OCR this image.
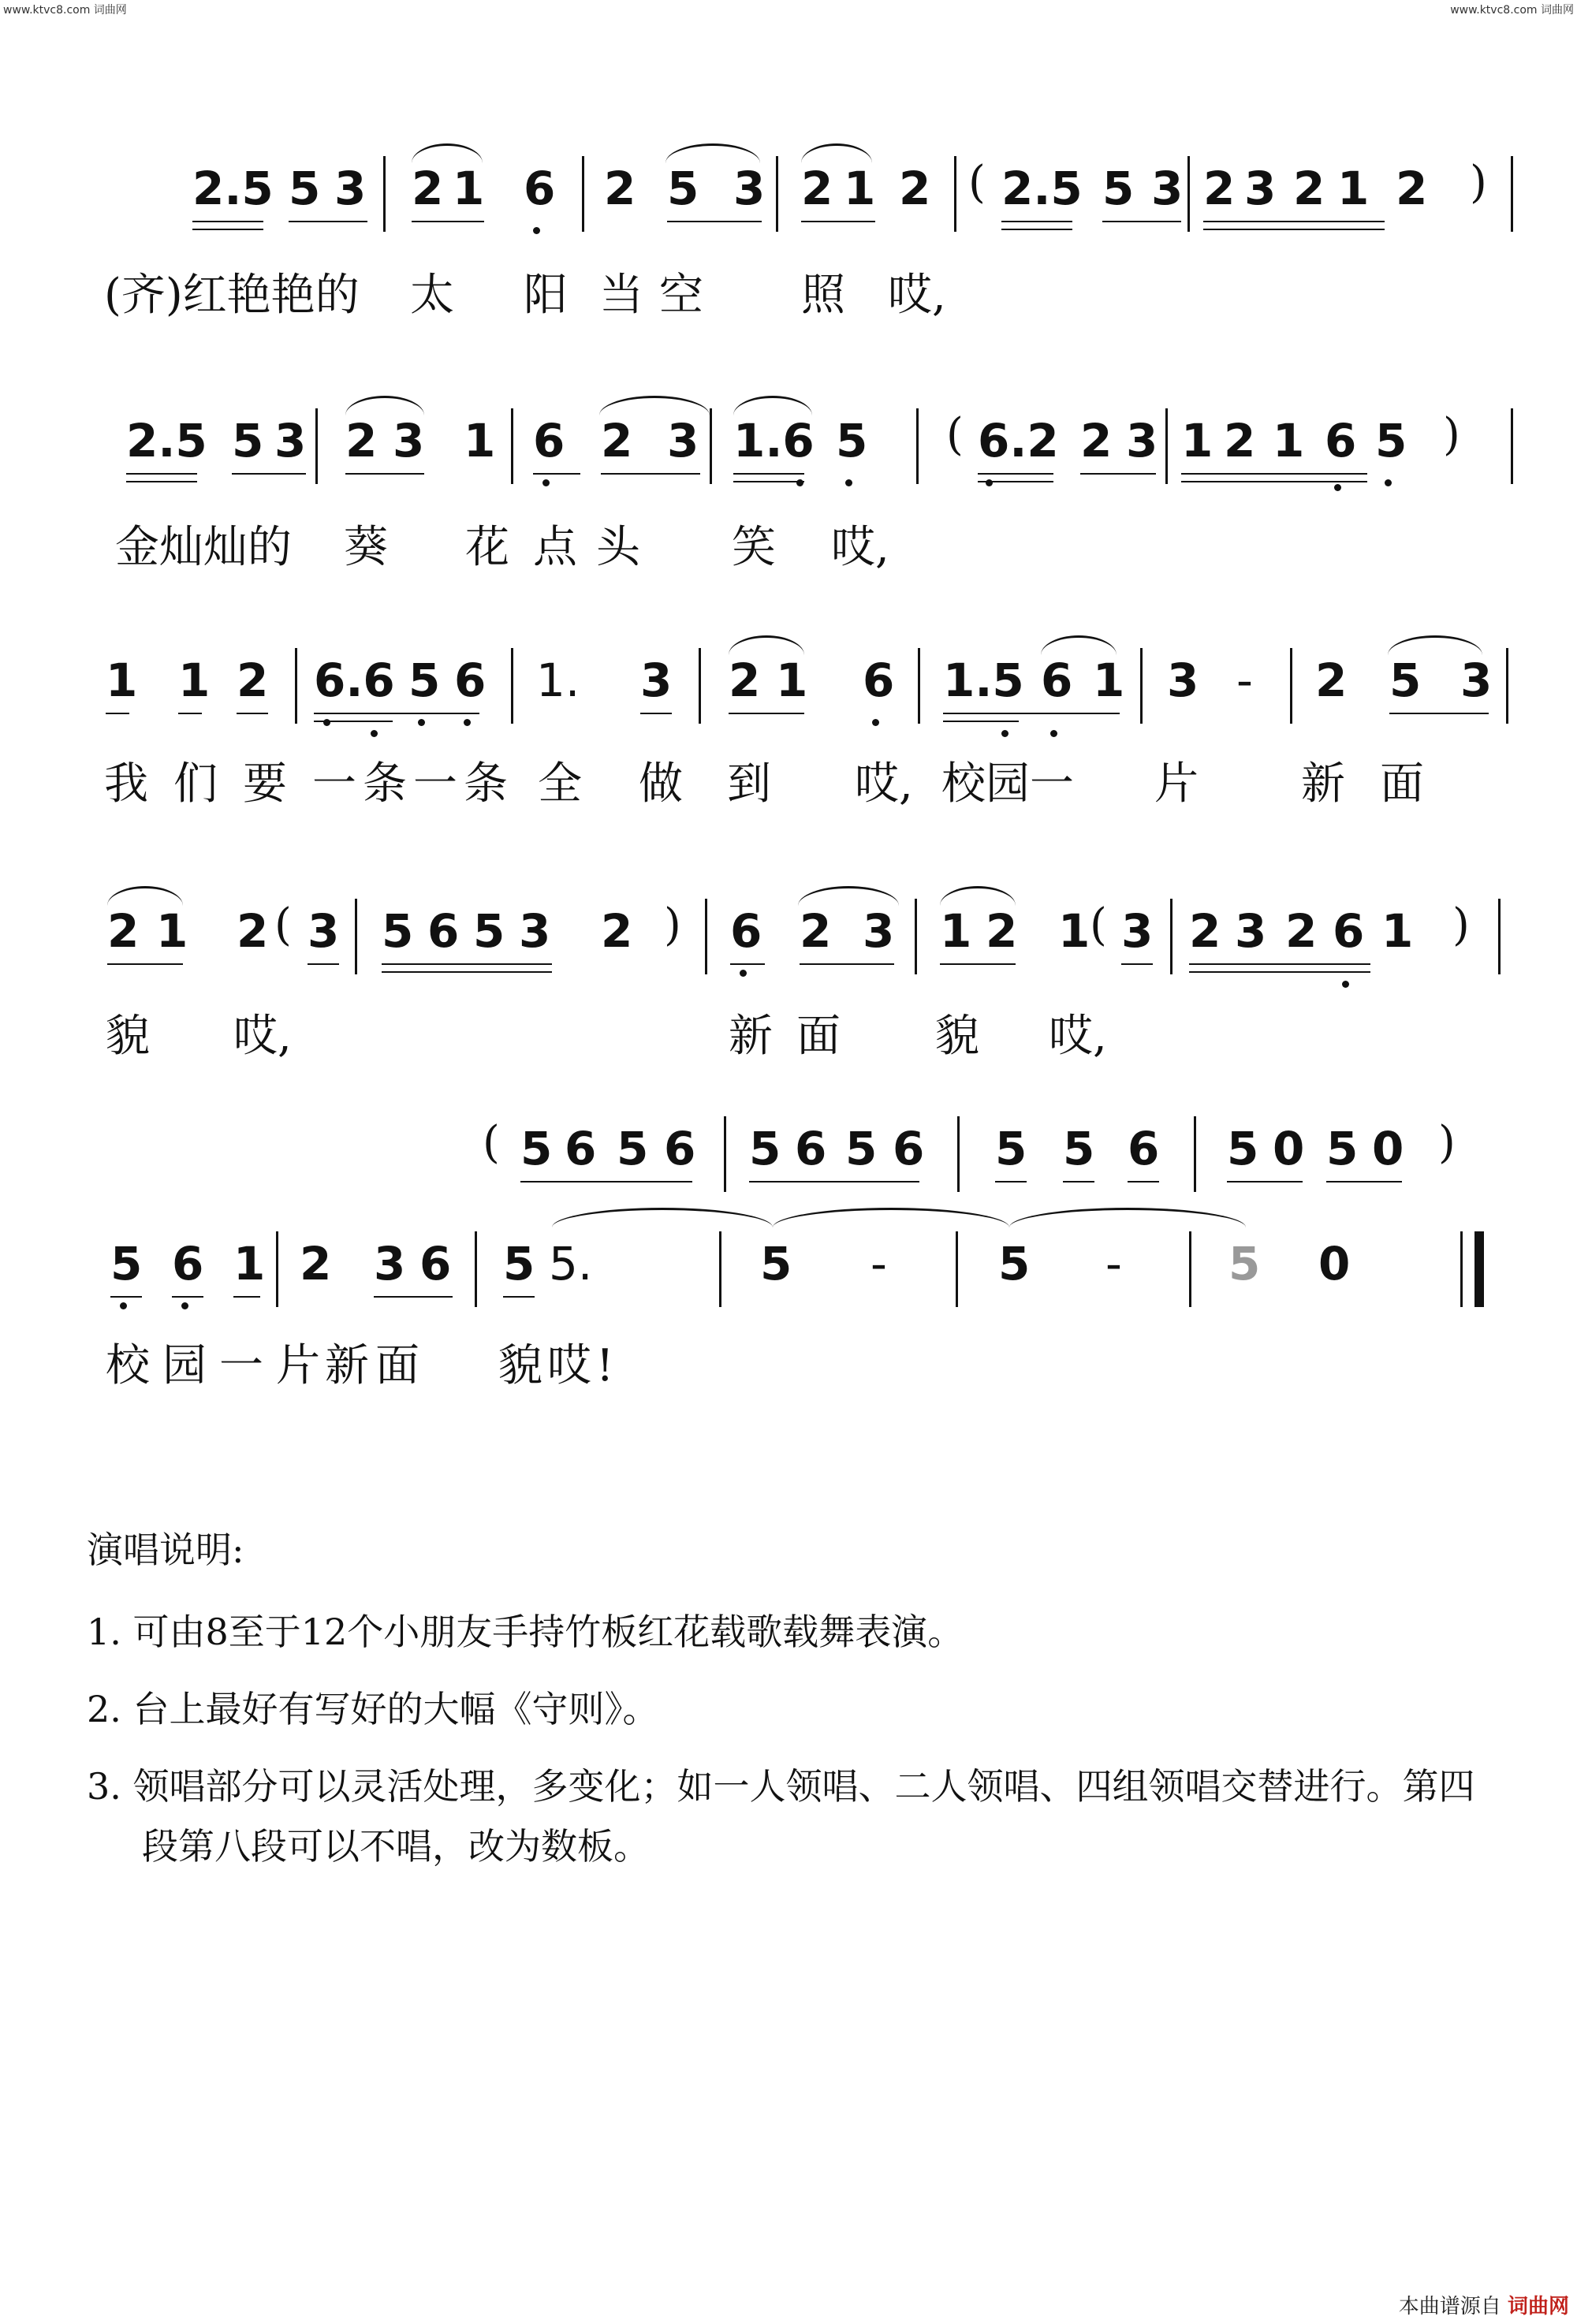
www.ktvc8.com 词曲网	www.ktvc8.com 词曲网
2.5 5 3 2 1 6 2 5 3 2 1 2 ( 2.5 5 3 2 3 2 1 2 )
(齐)红艳艳的 太 阳 当 空 照 哎,
2.5 5 3 2 3 1 6 2 3 1.6 5 ( 6.2 2 3 1 2 1 6 5 )
金灿灿的 葵 花 点 头 笑 哎,
1 1 2 6.6 5 6 1. 3 2 1 6 1.5 6 1 3 - 2 5 3
我们要 一条一条 全 做 到 哎, 校园一 片 新面
2 1 2 ( 3 5 6 5 3 2 ) 6 2 3 1 2 1 ( 3 2 3 2 6 1 )
貌 哎,	新面 貌 哎,
( 5 6 5 6 5 6 5 6 5 5 6 5 0 5 0 )
5 6 1 2 3 6 5 5.	5 - 5 - 5 0
校园一片
新面 貌哎!
演唱说明:
1. 可由8至于12个小朋友手持竹板红花载歌载舞表演。
2. 台上最好有写好的大幅《守则》。
3. 领唱部分可以灵活处理，多变化；如一人领唱、二人领唱、四组领唱交替进行。第四段第八段可以不唱，改为数板。
本曲谱源自 词曲网
